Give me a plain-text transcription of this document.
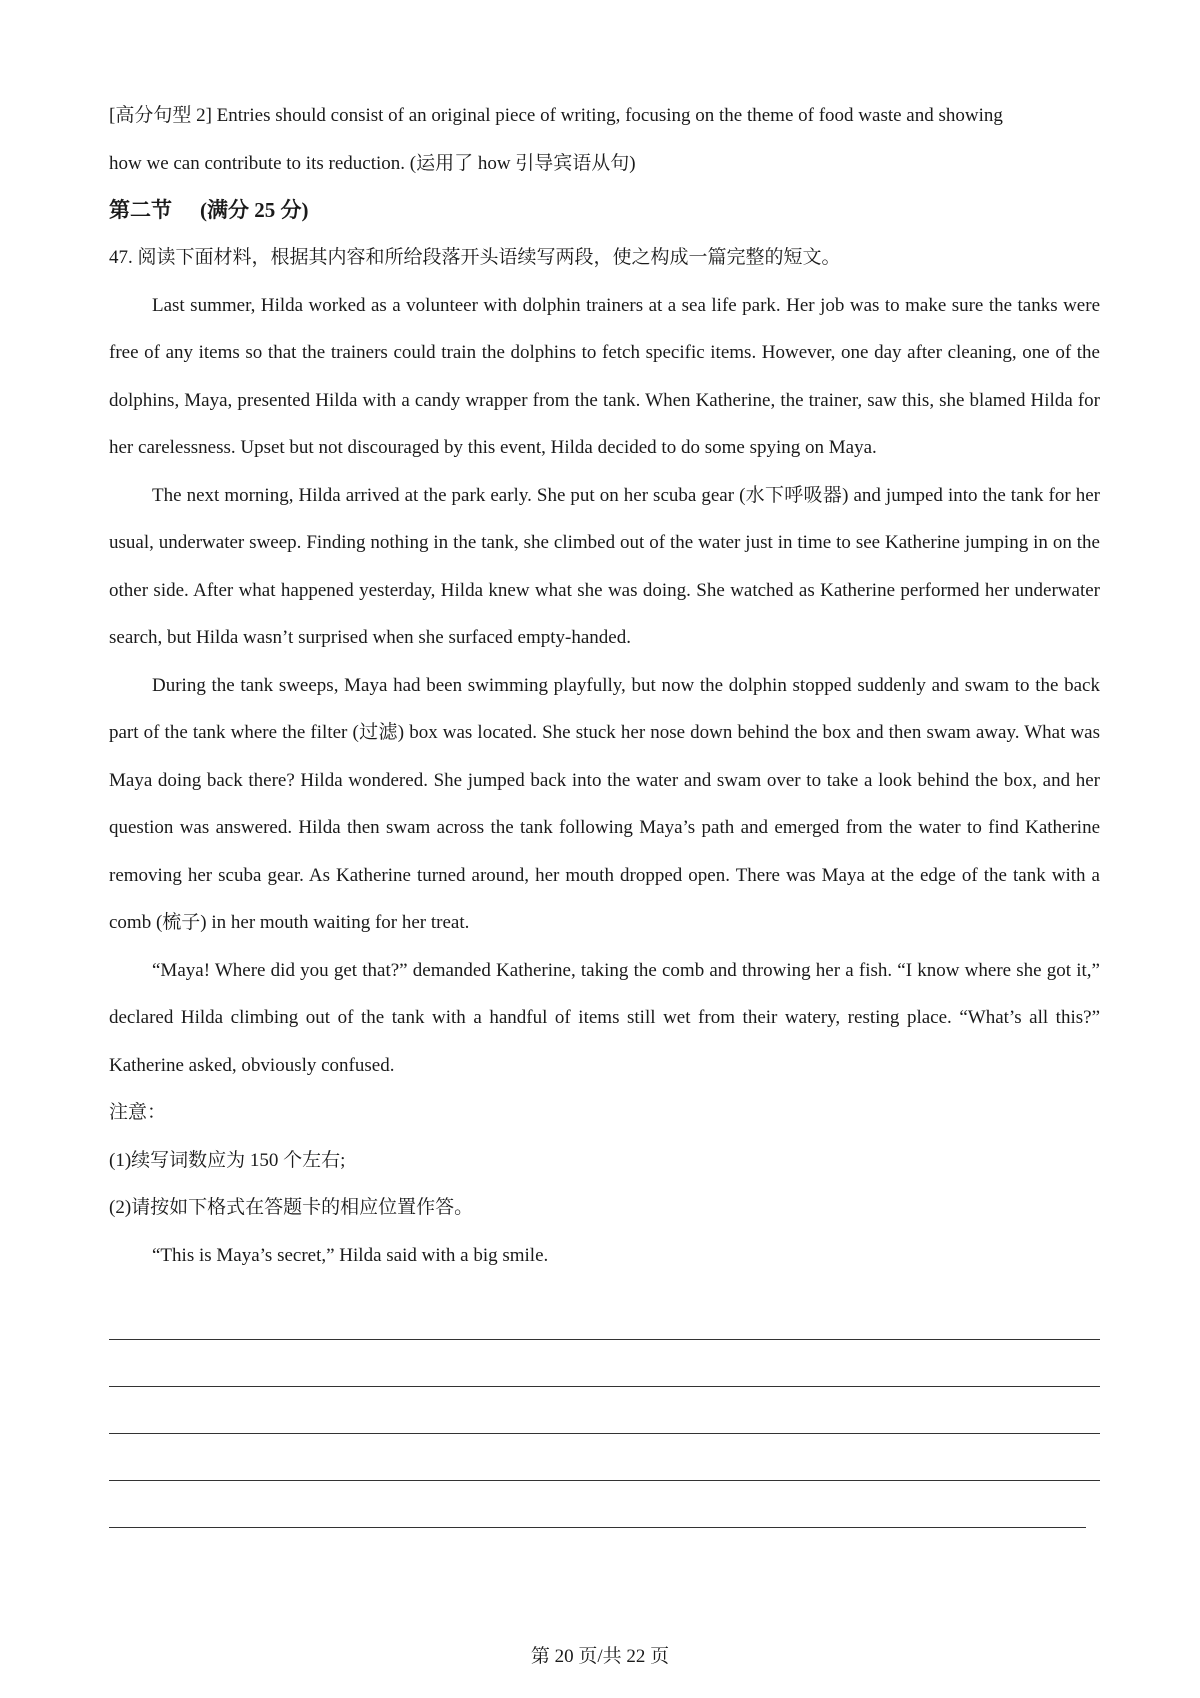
[高分句型 2] Entries should consist of an original piece of writing, focusing on the theme of food waste and showing

how we can contribute to its reduction. (运用了 how 引导宾语从句)

第二节 (满分 25 分)

47. 阅读下面材料，根据其内容和所给段落开头语续写两段，使之构成一篇完整的短文。

Last summer, Hilda worked as a volunteer with dolphin trainers at a sea life park. Her job was to make sure the tanks were free of any items so that the trainers could train the dolphins to fetch specific items. However, one day after cleaning, one of the dolphins, Maya, presented Hilda with a candy wrapper from the tank. When Katherine, the trainer, saw this, she blamed Hilda for her carelessness. Upset but not discouraged by this event, Hilda decided to do some spying on Maya.

The next morning, Hilda arrived at the park early. She put on her scuba gear (水下呼吸器) and jumped into the tank for her usual, underwater sweep. Finding nothing in the tank, she climbed out of the water just in time to see Katherine jumping in on the other side. After what happened yesterday, Hilda knew what she was doing. She watched as Katherine performed her underwater search, but Hilda wasn’t surprised when she surfaced empty-handed.

During the tank sweeps, Maya had been swimming playfully, but now the dolphin stopped suddenly and swam to the back part of the tank where the filter (过滤) box was located. She stuck her nose down behind the box and then swam away. What was Maya doing back there? Hilda wondered. She jumped back into the water and swam over to take a look behind the box, and her question was answered. Hilda then swam across the tank following Maya’s path and emerged from the water to find Katherine removing her scuba gear. As Katherine turned around, her mouth dropped open. There was Maya at the edge of the tank with a comb (梳子) in her mouth waiting for her treat.

“Maya! Where did you get that?” demanded Katherine, taking the comb and throwing her a fish. “I know where she got it,” declared Hilda climbing out of the tank with a handful of items still wet from their watery, resting place. “What’s all this?” Katherine asked, obviously confused.

注意：

(1)续写词数应为 150 个左右;

(2)请按如下格式在答题卡的相应位置作答。

“This is Maya’s secret,” Hilda said with a big smile.

第 20 页/共 22 页
